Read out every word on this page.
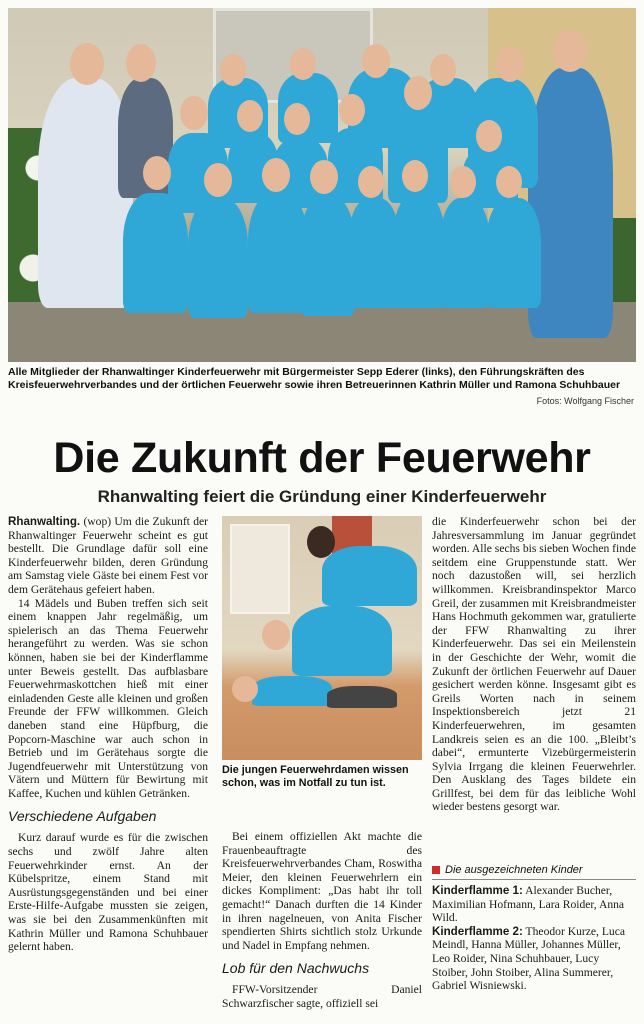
Alle Mitglieder der Rhanwaltinger Kinderfeuerwehr mit Bürgermeister Sepp Ederer (links), den Führungskräften des Kreisfeuerwehrverbandes und der örtlichen Feuerwehr sowie ihren Betreuerinnen Kathrin Müller und Ramona Schuhbauer
Fotos: Wolfgang Fischer
Die Zukunft der Feuerwehr
Rhanwalting feiert die Gründung einer Kinderfeuerwehr

Rhanwalting. (wop) Um die Zukunft der Rhanwaltinger Feuerwehr scheint es gut bestellt. Die Grundlage dafür soll eine Kinderfeuerwehr bilden, deren Gründung am Samstag viele Gäste bei einem Fest vor dem Gerätehaus gefeiert haben.

14 Mädels und Buben treffen sich seit einem knappen Jahr regelmäßig, um spielerisch an das Thema Feuerwehr herangeführt zu werden. Was sie schon können, haben sie bei der Kinderflamme unter Beweis gestellt. Das aufblasbare Feuerwehrmaskottchen hieß mit einer einladenden Geste alle kleinen und großen Freunde der FFW willkommen. Gleich daneben stand eine Hüpfburg, die Popcorn-Maschine war auch schon in Betrieb und im Gerätehaus sorgte die Jugendfeuerwehr mit Unterstützung von Vätern und Müttern für Bewirtung mit Kaffee, Kuchen und kühlen Getränken.

Verschiedene Aufgaben

Kurz darauf wurde es für die zwischen sechs und zwölf Jahre alten Feuerwehrkinder ernst. An der Kübelspritze, einem Stand mit Ausrüstungsgegenständen und bei einer Erste-Hilfe-Aufgabe mussten sie zeigen, was sie bei den Zusammenkünften mit Kathrin Müller und Ramona Schuhbauer gelernt haben.

Die jungen Feuerwehrdamen wissen schon, was im Notfall zu tun ist.

Bei einem offiziellen Akt machte die Frauenbeauftragte des Kreisfeuerwehrverbandes Cham, Roswitha Meier, den kleinen Feuerwehrlern ein dickes Kompliment: „Das habt ihr toll gemacht!“ Danach durften die 14 Kinder in ihren nagelneuen, von Anita Fischer spendierten Shirts sichtlich stolz Urkunde und Nadel in Empfang nehmen.

Lob für den Nachwuchs

FFW-Vorsitzender Daniel Schwarzfischer sagte, offiziell sei

die Kinderfeuerwehr schon bei der Jahresversammlung im Januar gegründet worden. Alle sechs bis sieben Wochen finde seitdem eine Gruppenstunde statt. Wer noch dazustoßen will, sei herzlich willkommen. Kreisbrandinspektor Marco Greil, der zusammen mit Kreisbrandmeister Hans Hochmuth gekommen war, gratulierte der FFW Rhanwalting zu ihrer Kinderfeuerwehr. Das sei ein Meilenstein in der Geschichte der Wehr, womit die Zukunft der örtlichen Feuerwehr auf Dauer gesichert werden könne. Insgesamt gibt es Greils Worten nach in seinem Inspektionsbereich jetzt 21 Kinderfeuerwehren, im gesamten Landkreis seien es an die 100. „Bleibt’s dabei“, ermunterte Vizebürgermeisterin Sylvia Irrgang die kleinen Feuerwehrler. Den Ausklang des Tages bildete ein Grillfest, bei dem für das leibliche Wohl wieder bestens gesorgt war.

Die ausgezeichneten Kinder

Kinderflamme 1: Alexander Bucher, Maximilian Hofmann, Lara Roider, Anna Wild.

Kinderflamme 2: Theodor Kurze, Luca Meindl, Hanna Müller, Johannes Müller, Leo Roider, Nina Schuhbauer, Lucy Stoiber, John Stoiber, Alina Summerer, Gabriel Wisniewski.
